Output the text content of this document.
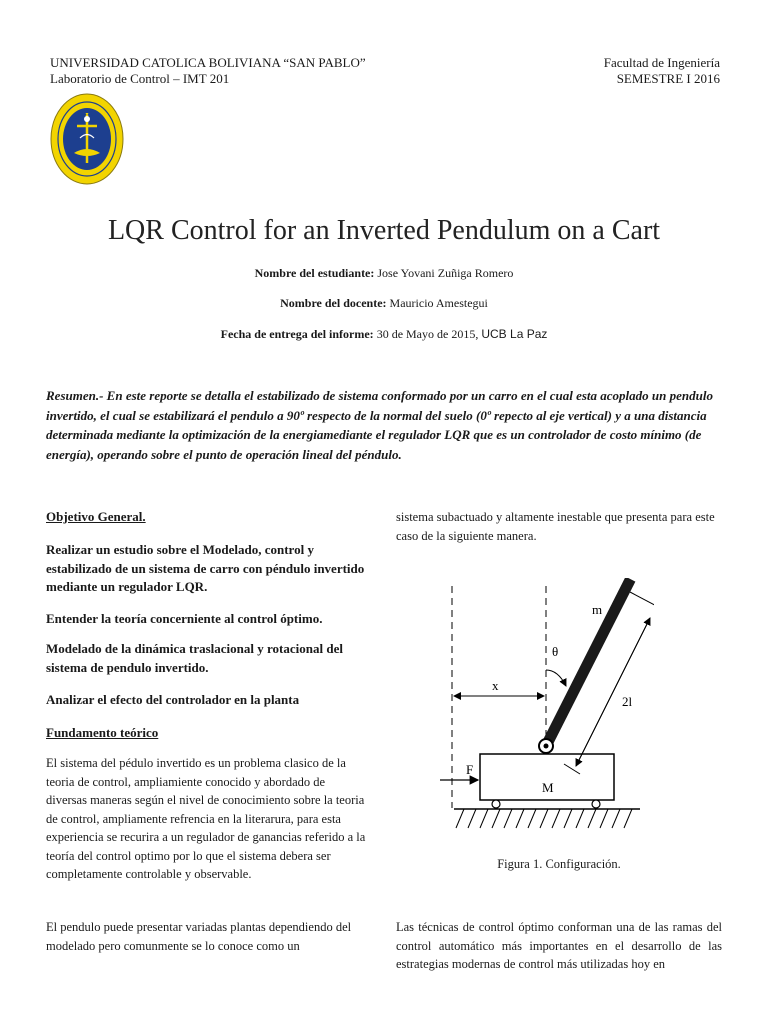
UNIVERSIDAD CATOLICA BOLIVIANA “SAN PABLO”
Laboratorio de Control – IMT 201
Facultad de Ingeniería
SEMESTRE I 2016
LQR Control for an Inverted Pendulum on a Cart
Nombre del estudiante: Jose Yovani Zuñiga Romero
Nombre del docente: Mauricio Amestegui
Fecha de entrega del informe: 30 de Mayo de 2015, UCB La Paz
Resumen.- En este reporte se detalla el estabilizado de sistema conformado por un carro en el cual esta acoplado un pendulo invertido, el cual se estabilizará el pendulo a 90º respecto de la normal del suelo (0º repecto al eje vertical) y a una distancia determinada mediante la optimización de la energiamediante el regulador LQR que es un controlador de costo mínimo (de energía), operando sobre el punto de operación lineal del péndulo.
Objetivo General.
Realizar un estudio sobre el Modelado, control y estabilizado de un sistema de carro con péndulo invertido mediante un regulador LQR.
Entender la teoría concerniente al control óptimo.
Modelado de la dinámica traslacional y rotacional del sistema de pendulo invertido.
Analizar el efecto del controlador en la planta
Fundamento teórico
El sistema del pédulo invertido es un problema clasico de la teoria de control, ampliamiente conocido y abordado de diversas maneras según el nivel de conocimiento sobre la teoria de control, ampliamente refrencia en la literarura, para esta experiencia se recurira a un regulador de ganancias referido a la teoría del control optimo por lo que el sistema debera ser completamente controlable y observable.
El pendulo puede presentar variadas plantas dependiendo del modelado pero comunmente se lo conoce como un
sistema subactuado y altamente inestable que presenta para este caso de la siguiente manera.
m
θ
x
2l
F
M
Figura 1. Configuración.
Las técnicas de control óptimo conforman una de las ramas del control automático más importantes en el desarrollo de las estrategias modernas de control más utilizadas hoy en
